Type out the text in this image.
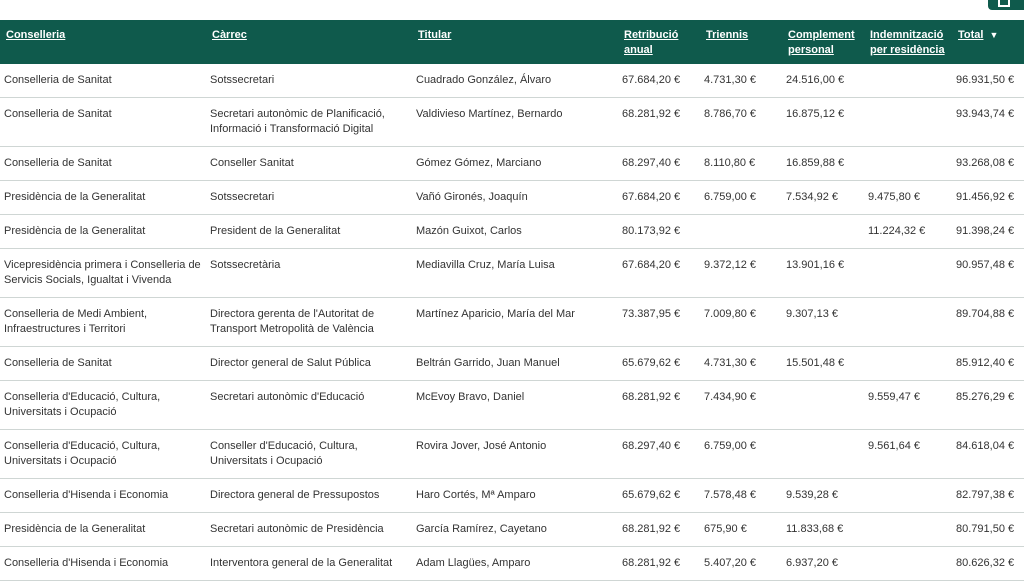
Conselleria	Càrrec	Titular	Retribució anual	Triennis	Complement personal	Indemnització per residència	Total ▼
Conselleria de Sanitat	Sotssecretari	Cuadrado González, Álvaro	67.684,20 €	4.731,30 €	24.516,00 €		96.931,50 €
Conselleria de Sanitat	Secretari autonòmic de Planificació, Informació i Transformació Digital	Valdivieso Martínez, Bernardo	68.281,92 €	8.786,70 €	16.875,12 €		93.943,74 €
Conselleria de Sanitat	Conseller Sanitat	Gómez Gómez, Marciano	68.297,40 €	8.110,80 €	16.859,88 €		93.268,08 €
Presidència de la Generalitat	Sotssecretari	Vañó Gironés, Joaquín	67.684,20 €	6.759,00 €	7.534,92 €	9.475,80 €	91.456,92 €
Presidència de la Generalitat	President de la Generalitat	Mazón Guixot, Carlos	80.173,92 €			11.224,32 €	91.398,24 €
Vicepresidència primera i Conselleria de Servicis Socials, Igualtat i Vivenda	Sotssecretària	Mediavilla Cruz, María Luisa	67.684,20 €	9.372,12 €	13.901,16 €		90.957,48 €
Conselleria de Medi Ambient, Infraestructures i Territori	Directora gerenta de l'Autoritat de Transport Metropolità de València	Martínez Aparicio, María del Mar	73.387,95 €	7.009,80 €	9.307,13 €		89.704,88 €
Conselleria de Sanitat	Director general de Salut Pública	Beltrán Garrido, Juan Manuel	65.679,62 €	4.731,30 €	15.501,48 €		85.912,40 €
Conselleria d'Educació, Cultura, Universitats i Ocupació	Secretari autonòmic d'Educació	McEvoy Bravo, Daniel	68.281,92 €	7.434,90 €		9.559,47 €	85.276,29 €
Conselleria d'Educació, Cultura, Universitats i Ocupació	Conseller d'Educació, Cultura, Universitats i Ocupació	Rovira Jover, José Antonio	68.297,40 €	6.759,00 €		9.561,64 €	84.618,04 €
Conselleria d'Hisenda i Economia	Directora general de Pressupostos	Haro Cortés, Mª Amparo	65.679,62 €	7.578,48 €	9.539,28 €		82.797,38 €
Presidència de la Generalitat	Secretari autonòmic de Presidència	García Ramírez, Cayetano	68.281,92 €	675,90 €	11.833,68 €		80.791,50 €
Conselleria d'Hisenda i Economia	Interventora general de la Generalitat	Adam Llagües, Amparo	68.281,92 €	5.407,20 €	6.937,20 €		80.626,32 €
